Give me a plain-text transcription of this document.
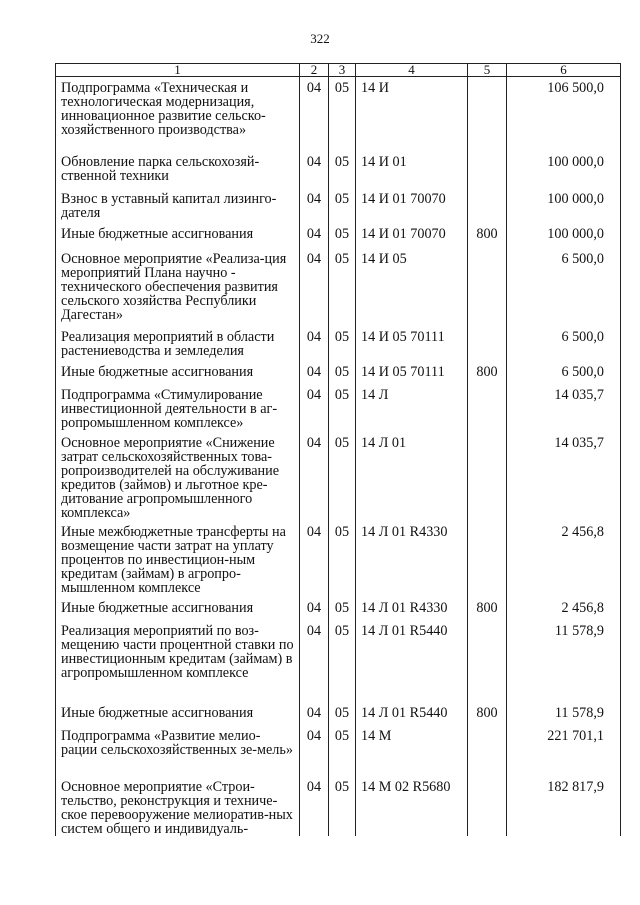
322
1	2	3	4	5	6
Подпрограмма «Техническая и технологическая модернизация, инновационное развитие сельско-хозяйственного производства»	04	05	14 И		106 500,0
Обновление парка сельскохозяй-ственной техники	04	05	14 И 01		100 000,0
Взнос в уставный капитал лизинго-дателя	04	05	14 И 01 70070		100 000,0
Иные бюджетные ассигнования	04	05	14 И 01 70070	800	100 000,0
Основное мероприятие «Реализа-ция мероприятий Плана научно - технического обеспечения развития сельского хозяйства Республики Дагестан»	04	05	14 И 05		6 500,0
Реализация мероприятий в области растениеводства и земледелия	04	05	14 И 05 70111		6 500,0
Иные бюджетные ассигнования	04	05	14 И 05 70111	800	6 500,0
Подпрограмма «Стимулирование инвестиционной деятельности в аг-ропромышленном комплексе»	04	05	14 Л		14 035,7
Основное мероприятие «Снижение затрат сельскохозяйственных това-ропроизводителей на обслуживание кредитов (займов) и льготное кре-дитование агропромышленного комплекса»	04	05	14 Л 01		14 035,7
Иные межбюджетные трансферты на возмещение части затрат на уплату процентов по инвестицион-ным кредитам (займам) в агропро-мышленном комплексе	04	05	14 Л 01 R4330		2 456,8
Иные бюджетные ассигнования	04	05	14 Л 01 R4330	800	2 456,8
Реализация мероприятий по воз-мещению части процентной ставки по инвестиционным кредитам (займам) в агропромышленном комплексе	04	05	14 Л 01 R5440		11 578,9
Иные бюджетные ассигнования	04	05	14 Л 01 R5440	800	11 578,9
Подпрограмма «Развитие мелио-рации сельскохозяйственных зе-мель»	04	05	14 М		221 701,1
Основное мероприятие «Строи-тельство, реконструкция и техниче-ское перевооружение мелиоратив-ных систем общего и индивидуаль-	04	05	14 М 02 R5680		182 817,9
